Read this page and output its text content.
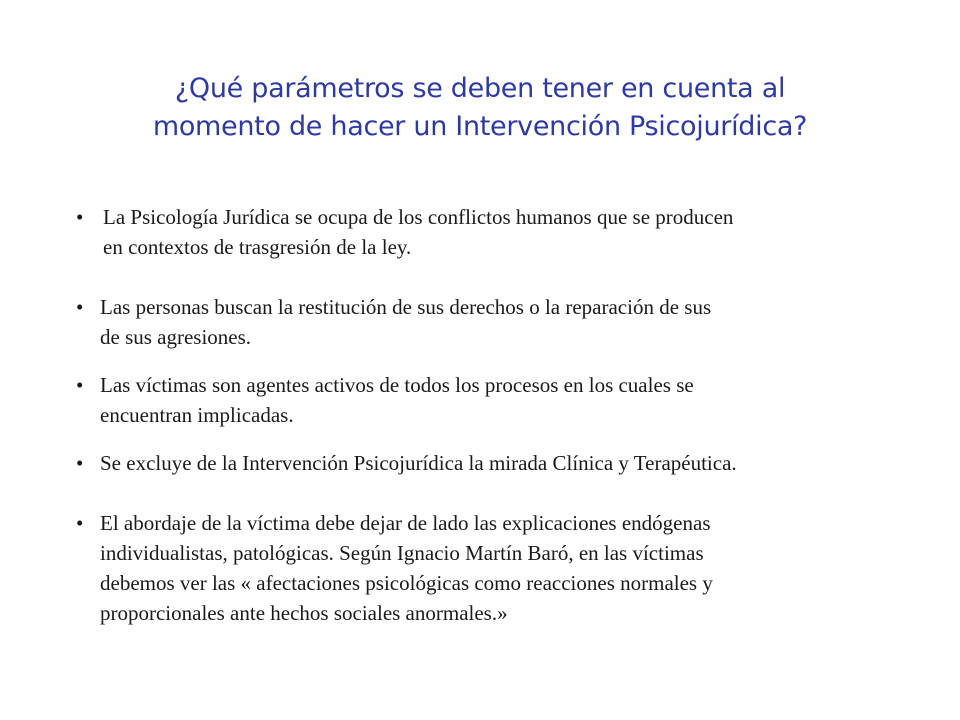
¿Qué parámetros se deben tener en cuenta al
momento de hacer un Intervención Psicojurídica?
• La Psicología Jurídica se ocupa de los conflictos humanos que se producen
en contextos de trasgresión de la ley.
• Las personas buscan la restitución de sus derechos o la reparación de sus
de sus agresiones.
• Las víctimas son agentes activos de todos los procesos en los cuales se
encuentran implicadas.
• Se excluye de la Intervención Psicojurídica la mirada Clínica y Terapéutica.
• El abordaje de la víctima debe dejar de lado las explicaciones endógenas
individualistas, patológicas. Según Ignacio Martín Baró, en las víctimas
debemos ver las « afectaciones psicológicas como reacciones normales y
proporcionales ante hechos sociales anormales.»
